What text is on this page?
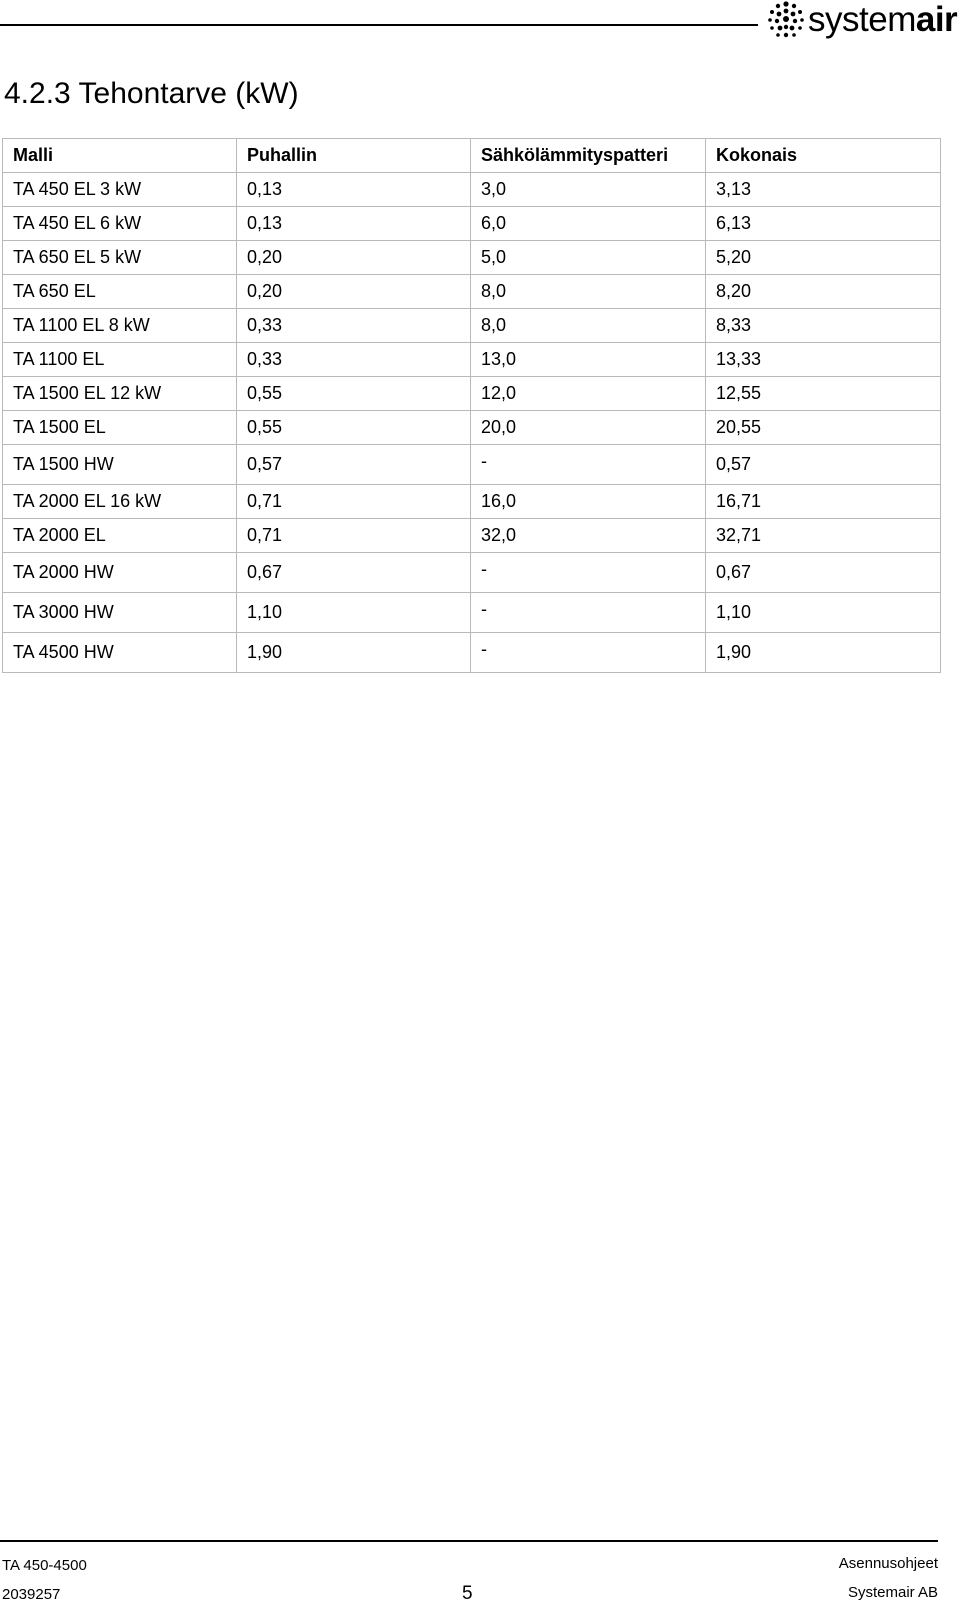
systemair
4.2.3 Tehontarve (kW)
Malli	Puhallin	Sähkölämmityspatteri	Kokonais
TA 450 EL 3 kW	0,13	3,0	3,13
TA 450 EL 6 kW	0,13	6,0	6,13
TA 650 EL 5 kW	0,20	5,0	5,20
TA 650 EL	0,20	8,0	8,20
TA 1100 EL 8 kW	0,33	8,0	8,33
TA 1100 EL	0,33	13,0	13,33
TA 1500 EL 12 kW	0,55	12,0	12,55
TA 1500 EL	0,55	20,0	20,55
TA 1500 HW	0,57	-	0,57
TA 2000 EL 16 kW	0,71	16,0	16,71
TA 2000 EL	0,71	32,0	32,71
TA 2000 HW	0,67	-	0,67
TA 3000 HW	1,10	-	1,10
TA 4500 HW	1,90	-	1,90
TA 450-4500
2039257	5
Asennusohjeet
Systemair AB
